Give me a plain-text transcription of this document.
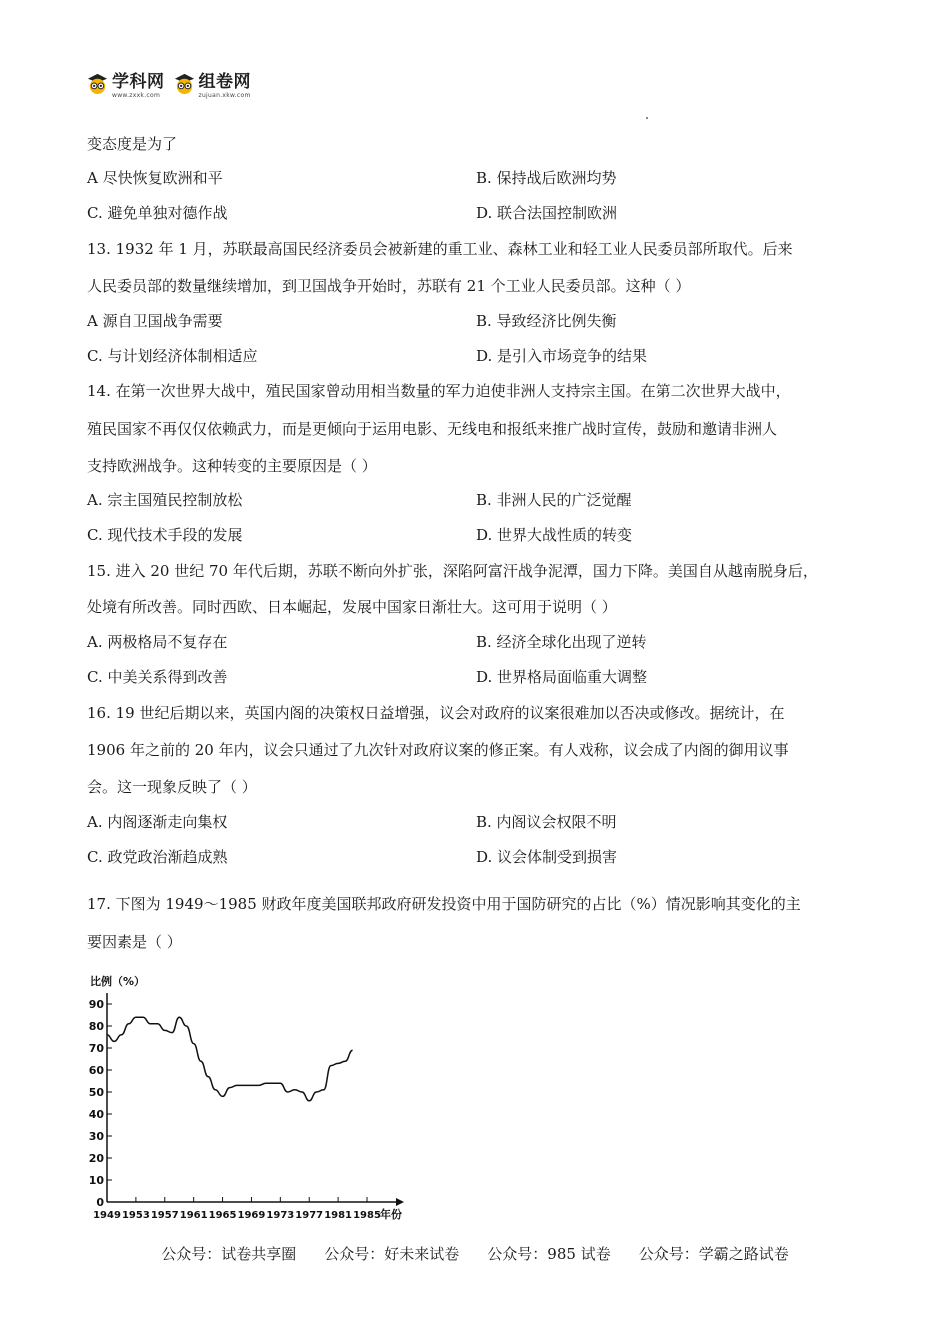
学科网
www.zxxk.com
组卷网
zujuan.xkw.com
变态度是为了
A 尽快恢复欧洲和平	B. 保持战后欧洲均势
C. 避免单独对德作战	D. 联合法国控制欧洲
13. 1932 年 1 月，苏联最高国民经济委员会被新建的重工业、森林工业和轻工业人民委员部所取代。后来
人民委员部的数量继续增加，到卫国战争开始时，苏联有 21 个工业人民委员部。这种（ ）
A 源自卫国战争需要	B. 导致经济比例失衡
C. 与计划经济体制相适应	D. 是引入市场竞争的结果
14. 在第一次世界大战中，殖民国家曾动用相当数量的军力迫使非洲人支持宗主国。在第二次世界大战中，
殖民国家不再仅仅依赖武力，而是更倾向于运用电影、无线电和报纸来推广战时宣传，鼓励和邀请非洲人
支持欧洲战争。这种转变的主要原因是（ ）
A. 宗主国殖民控制放松	B. 非洲人民的广泛觉醒
C. 现代技术手段的发展	D. 世界大战性质的转变
15. 进入 20 世纪 70 年代后期，苏联不断向外扩张，深陷阿富汗战争泥潭，国力下降。美国自从越南脱身后，
处境有所改善。同时西欧、日本崛起，发展中国家日渐壮大。这可用于说明（ ）
A. 两极格局不复存在	B. 经济全球化出现了逆转
C. 中美关系得到改善	D. 世界格局面临重大调整
16. 19 世纪后期以来，英国内阁的决策权日益增强，议会对政府的议案很难加以否决或修改。据统计，在
1906 年之前的 20 年内，议会只通过了九次针对政府议案的修正案。有人戏称，议会成了内阁的御用议事
会。这一现象反映了（ ）
A. 内阁逐渐走向集权	B. 内阁议会权限不明
C. 政党政治渐趋成熟	D. 议会体制受到损害
17. 下图为 1949～1985 财政年度美国联邦政府研发投资中用于国防研究的占比（%）情况影响其变化的主
要因素是（ ）
比例（%）
0
10
20
30
40
50
60
70
80
90
1949 1953 1957 1961 1965 1969 1973 1977 1981 1985 年份
公众号：试卷共享圈 公众号：好未来试卷 公众号：985 试卷 公众号：学霸之路试卷
